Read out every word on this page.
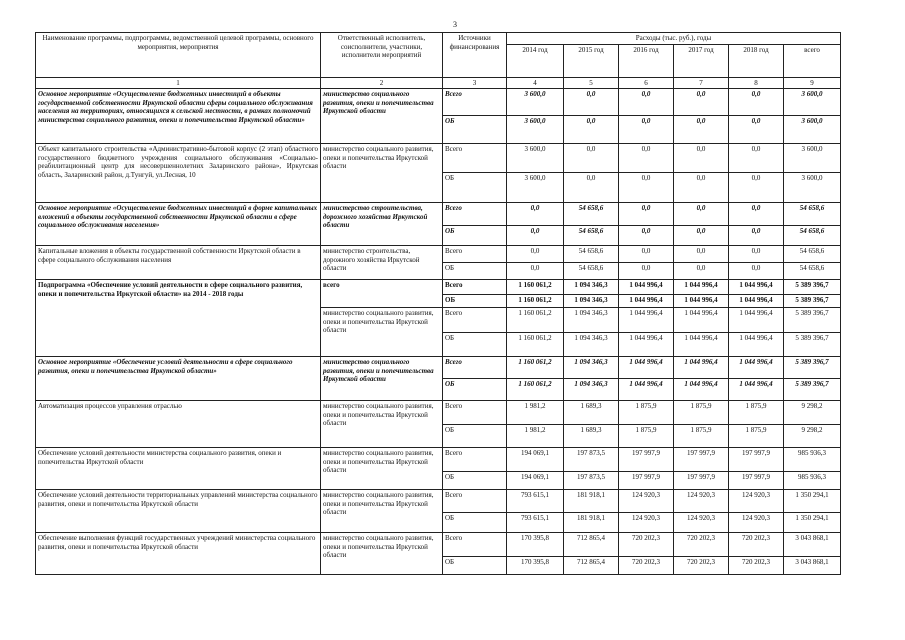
3
Наименование программы, подпрограммы, ведомственной целевой программы, основного мероприятия, мероприятия	Ответственный исполнитель, соисполнители, участники, исполнители мероприятий	Источники финансирования	Расходы (тыс. руб.), годы					
			2014 год	2015 год	2016 год	2017 год	2018 год	всего
1	2	3	4	5	6	7	8	9
Основное мероприятие «Осуществление бюджетных инвестиций в объекты государственной собственности Иркутской области сферы социального обслуживания населения на территориях, относящихся к сельской местности, в рамках полномочий министерства социального развития, опеки и попечительства Иркутской области»	министерство социального развития, опеки и попечительства Иркутской области	Всего	3 600,0	0,0	0,0	0,0	0,0	3 600,0
		ОБ	3 600,0	0,0	0,0	0,0	0,0	3 600,0
Объект капитального строительства «Административно-бытовой корпус (2 этап) областного государственного бюджетного учреждения социального обслуживания «Социально-реабилитационный центр для несовершеннолетних Заларинского района», Иркутская область, Заларинский район, д.Тунгуй, ул.Лесная, 10	министерство социального развития, опеки и попечительства Иркутской области	Всего	3 600,0	0,0	0,0	0,0	0,0	3 600,0
		ОБ	3 600,0	0,0	0,0	0,0	0,0	3 600,0
Основное мероприятие «Осуществление бюджетных инвестиций в форме капитальных вложений в объекты государственной собственности Иркутской области в сфере социального обслуживания населения»	министерство строительства, дорожного хозяйства Иркутской области	Всего	0,0	54 658,6	0,0	0,0	0,0	54 658,6
		ОБ	0,0	54 658,6	0,0	0,0	0,0	54 658,6
Капитальные вложения в объекты государственной собственности Иркутской области в сфере социального обслуживания населения	министерство строительства, дорожного хозяйства Иркутской области	Всего	0,0	54 658,6	0,0	0,0	0,0	54 658,6
		ОБ	0,0	54 658,6	0,0	0,0	0,0	54 658,6
Подпрограмма «Обеспечение условий деятельности в сфере социального развития, опеки и попечительства Иркутской области» на 2014 - 2018 годы	всего	Всего	1 160 061,2	1 094 346,3	1 044 996,4	1 044 996,4	1 044 996,4	5 389 396,7
		ОБ	1 160 061,2	1 094 346,3	1 044 996,4	1 044 996,4	1 044 996,4	5 389 396,7
	министерство социального развития, опеки и попечительства Иркутской области	Всего	1 160 061,2	1 094 346,3	1 044 996,4	1 044 996,4	1 044 996,4	5 389 396,7
		ОБ	1 160 061,2	1 094 346,3	1 044 996,4	1 044 996,4	1 044 996,4	5 389 396,7
Основное мероприятие «Обеспечение условий деятельности в сфере социального развития, опеки и попечительства Иркутской области»	министерство социального развития, опеки и попечительства Иркутской области	Всего	1 160 061,2	1 094 346,3	1 044 996,4	1 044 996,4	1 044 996,4	5 389 396,7
		ОБ	1 160 061,2	1 094 346,3	1 044 996,4	1 044 996,4	1 044 996,4	5 389 396,7
Автоматизация процессов управления отраслью	министерство социального развития, опеки и попечительства Иркутской области	Всего	1 981,2	1 689,3	1 875,9	1 875,9	1 875,9	9 298,2
		ОБ	1 981,2	1 689,3	1 875,9	1 875,9	1 875,9	9 298,2
Обеспечение условий деятельности министерства социального развития, опеки и попечительства Иркутской области	министерство социального развития, опеки и попечительства Иркутской области	Всего	194 069,1	197 873,5	197 997,9	197 997,9	197 997,9	985 936,3
		ОБ	194 069,1	197 873,5	197 997,9	197 997,9	197 997,9	985 936,3
Обеспечение условий деятельности территориальных управлений министерства социального развития, опеки и попечительства Иркутской области	министерство социального развития, опеки и попечительства Иркутской области	Всего	793 615,1	181 918,1	124 920,3	124 920,3	124 920,3	1 350 294,1
		ОБ	793 615,1	181 918,1	124 920,3	124 920,3	124 920,3	1 350 294,1
Обеспечение выполнения функций государственных учреждений министерства социального развития, опеки и попечительства Иркутской области	министерство социального развития, опеки и попечительства Иркутской области	Всего	170 395,8	712 865,4	720 202,3	720 202,3	720 202,3	3 043 868,1
		ОБ	170 395,8	712 865,4	720 202,3	720 202,3	720 202,3	3 043 868,1
